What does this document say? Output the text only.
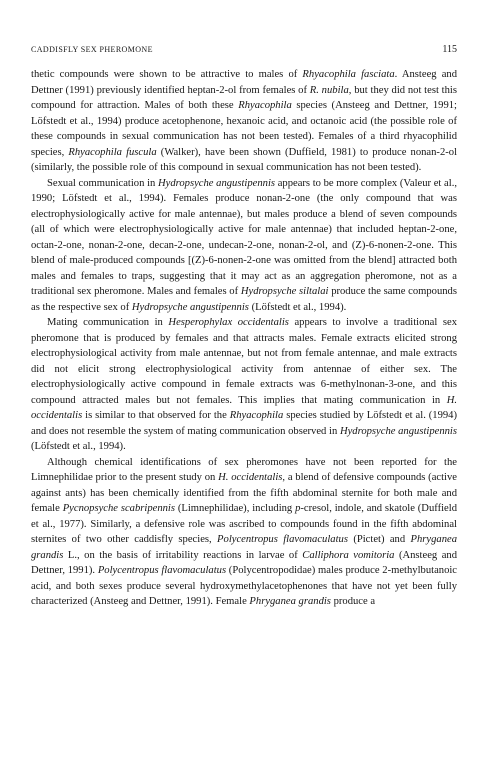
CADDISFLY SEX PHEROMONE	115

thetic compounds were shown to be attractive to males of Rhyacophila fasciata. Ansteeg and Dettner (1991) previously identified heptan-2-ol from females of R. nubila, but they did not test this compound for attraction. Males of both these Rhyacophila species (Ansteeg and Dettner, 1991; Löfstedt et al., 1994) produce acetophenone, hexanoic acid, and octanoic acid (the possible role of these compounds in sexual communication has not been tested). Females of a third rhyacophilid species, Rhyacophila fuscula (Walker), have been shown (Duffield, 1981) to produce nonan-2-ol (similarly, the possible role of this compound in sexual communication has not been tested).

Sexual communication in Hydropsyche angustipennis appears to be more complex (Valeur et al., 1990; Löfstedt et al., 1994). Females produce nonan-2-one (the only compound that was electrophysiologically active for male antennae), but males produce a blend of seven compounds (all of which were electrophysiologically active for male antennae) that included heptan-2-one, octan-2-one, nonan-2-one, decan-2-one, undecan-2-one, nonan-2-ol, and (Z)-6-nonen-2-one. This blend of male-produced compounds [(Z)-6-nonen-2-one was omitted from the blend] attracted both males and females to traps, suggesting that it may act as an aggregation pheromone, not as a traditional sex pheromone. Males and females of Hydropsyche siltalai produce the same compounds as the respective sex of Hydropsyche angustipennis (Löfstedt et al., 1994).

Mating communication in Hesperophylax occidentalis appears to involve a traditional sex pheromone that is produced by females and that attracts males. Female extracts elicited strong electrophysiological activity from male antennae, but not from female antennae, and male extracts did not elicit strong electrophysiological activity from antennae of either sex. The electrophysiologically active compound in female extracts was 6-methylnonan-3-one, and this compound attracted males but not females. This implies that mating communication in H. occidentalis is similar to that observed for the Rhyacophila species studied by Löfstedt et al. (1994) and does not resemble the system of mating communication observed in Hydropsyche angustipennis (Löfstedt et al., 1994).

Although chemical identifications of sex pheromones have not been reported for the Limnephilidae prior to the present study on H. occidentalis, a blend of defensive compounds (active against ants) has been chemically identified from the fifth abdominal sternite for both male and female Pycnopsyche scabripennis (Limnephilidae), including p-cresol, indole, and skatole (Duffield et al., 1977). Similarly, a defensive role was ascribed to compounds found in the fifth abdominal sternites of two other caddisfly species, Polycentropus flavomaculatus (Pictet) and Phryganea grandis L., on the basis of irritability reactions in larvae of Calliphora vomitoria (Ansteeg and Dettner, 1991). Polycentropus flavomaculatus (Polycentropodidae) males produce 2-methylbutanoic acid, and both sexes produce several hydroxymethylacetophenones that have not yet been fully characterized (Ansteeg and Dettner, 1991). Female Phryganea grandis produce a
